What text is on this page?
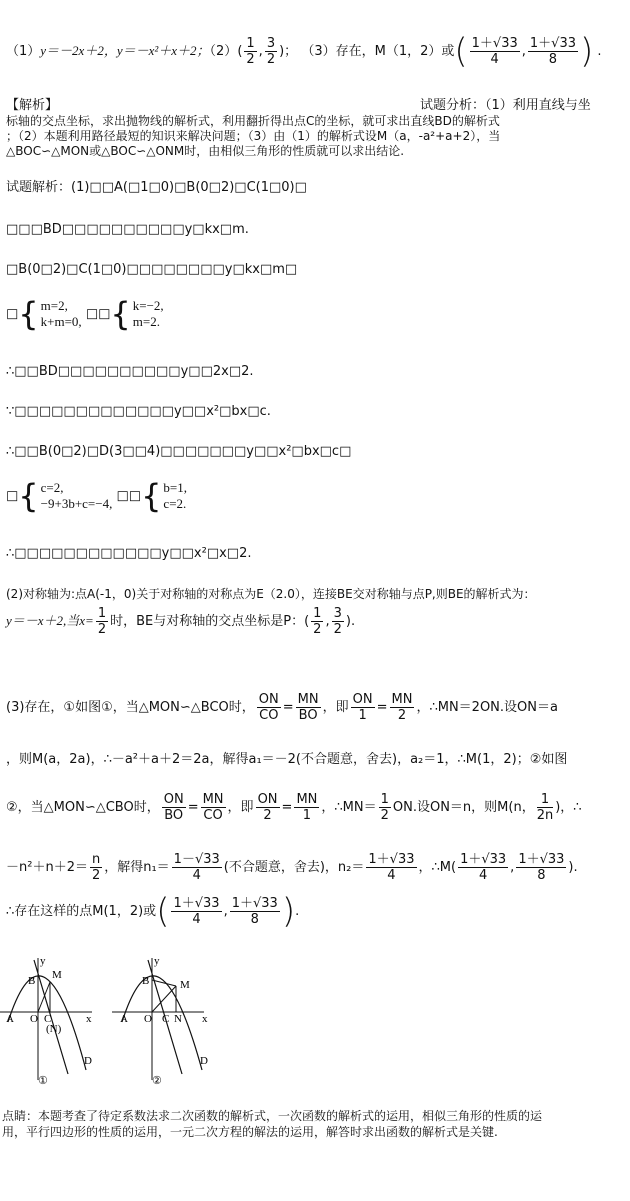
（1）y＝－2x＋2，y＝－x²＋x＋2；$(2)( \frac{1}{2}$ , $\frac{3}{2}$ )； （3）存在，M（1，2）或( $\frac{1+√33}{4}$ , $\frac{1+√33}{8}$ ) .
【解析】	试题分析：（1）利用直线与坐
标轴的交点坐标，求出抛物线的解析式，利用翻折得出点C的坐标，就可求出直线BD的解析式
；（2）本题利用路径最短的知识来解决问题；（3）由（1）的解析式设M（a，-a²+a+2），当
△BOC∽△MON或△BOC∽△ONM时，由相似三角形的性质就可以求出结论.
试题解析：(1)□□A(□1□0)□B(0□2)□C(1□0)□
□□□BD□□□□□□□□□□y□kx□m.
□B(0□2)□C(1□0)□□□□□□□□y□kx□m□
□{ m=2,
k+m=0, □□{ k=−2,
m=2.
∴□□BD□□□□□□□□□□y□□2x□2.
∵□□□□□□□□□□□□□y□□x²□bx□c.
∴□□B(0□2)□D(3□□4)□□□□□□□y□□x²□bx□c□
□{ c=2,
−9+3b+c=−4, □□{ b=1,
c=2.
∴□□□□□□□□□□□□y□□x²□x□2.
(2)对称轴为:点A(-1，0)关于对称轴的对称点为E（2.0），连接BE交对称轴与点P,则BE的解析式为：
y＝－x＋2,当$x= \frac{1}{2}$ 时，BE与对称轴的交点坐标是P：( $\frac{1}{2}$ , $\frac{3}{2}$ ).
(3)存在，①如图①，当△MON∽△BCO时， $\frac{ON}{CO} = \frac{MN}{BO}$ ，即 $\frac{ON}{1} = \frac{MN}{2}$ ，∴MN＝2ON.设ON＝a
，则M(a，2a)，∴－a²＋a＋2＝2a，解得a₁＝－2(不合题意，舍去)，a₂＝1，∴M(1，2)；②如图
②，当△MON∽△CBO时， $\frac{ON}{BO} = \frac{MN}{CO}$ ，即 $\frac{ON}{2} = \frac{MN}{1}$ ，∴MN＝ $\frac{1}{2}$ ON.设ON＝n，则M(n， $\frac{1}{2n}$ )，∴
$-n^2+n+2= \frac{n}{2}$ ，解得$n_1= \frac{1-√33}{4}$ (不合题意，舍去)，$n_2= \frac{1+√33}{4}$ ，∴M( $\frac{1+√33}{4}$ , $\frac{1+√33}{8}$ ).
∴存在这样的点M(1，2)或( $\frac{1+√33}{4}$ , $\frac{1+√33}{8}$ ).
y
M
B
A O C
(N)
x
D
①
y
B	M
A O C N x
D
②
点睛：本题考查了待定系数法求二次函数的解析式，一次函数的解析式的运用，相似三角形的性质的运
用，平行四边形的性质的运用，一元二次方程的解法的运用，解答时求出函数的解析式是关键.
